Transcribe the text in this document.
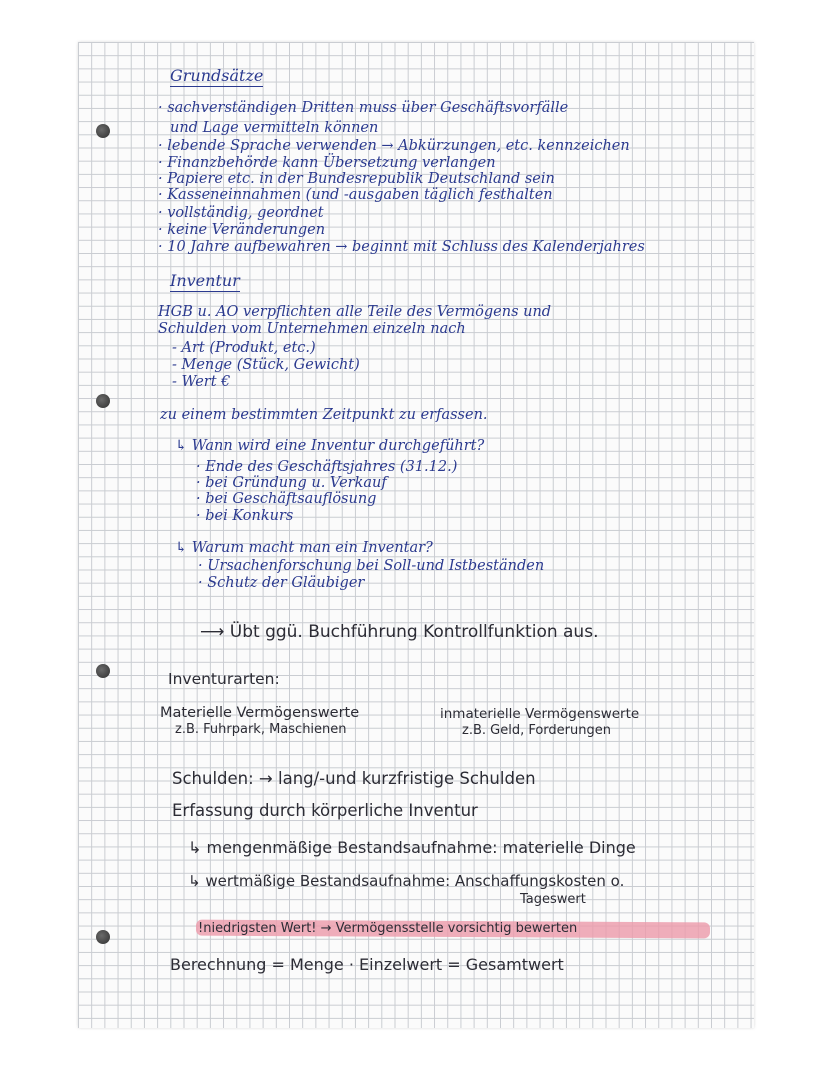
Grundsätze
· sachverständigen Dritten muss über Geschäftsvorfälle
und Lage vermitteln können
· lebende Sprache verwenden → Abkürzungen, etc. kennzeichen
· Finanzbehörde kann Übersetzung verlangen
· Papiere etc. in der Bundesrepublik Deutschland sein
· Kasseneinnahmen (und -ausgaben täglich festhalten
· vollständig, geordnet
· keine Veränderungen
· 10 Jahre aufbewahren → beginnt mit Schluss des Kalenderjahres
Inventur
HGB u. AO verpflichten alle Teile des Vermögens und
Schulden vom Unternehmen einzeln nach
- Art (Produkt, etc.)
- Menge (Stück, Gewicht)
- Wert €
zu einem bestimmten Zeitpunkt zu erfassen.
↳ Wann wird eine Inventur durchgeführt?
· Ende des Geschäftsjahres (31.12.)
· bei Gründung u. Verkauf
· bei Geschäftsauflösung
· bei Konkurs
↳ Warum macht man ein Inventar?
· Ursachenforschung bei Soll-und Istbeständen
· Schutz der Gläubiger
⟶ Übt ggü. Buchführung Kontrollfunktion aus.
Inventurarten:
Materielle Vermögenswerte
z.B. Fuhrpark, Maschienen
inmaterielle Vermögenswerte
z.B. Geld, Forderungen
Schulden: → lang/-und kurzfristige Schulden
Erfassung durch körperliche Inventur
↳ mengenmäßige Bestandsaufnahme: materielle Dinge
↳ wertmäßige Bestandsaufnahme: Anschaffungskosten o.
Tageswert
!niedrigsten Wert! → Vermögensstelle vorsichtig bewerten
Berechnung = Menge · Einzelwert = Gesamtwert
